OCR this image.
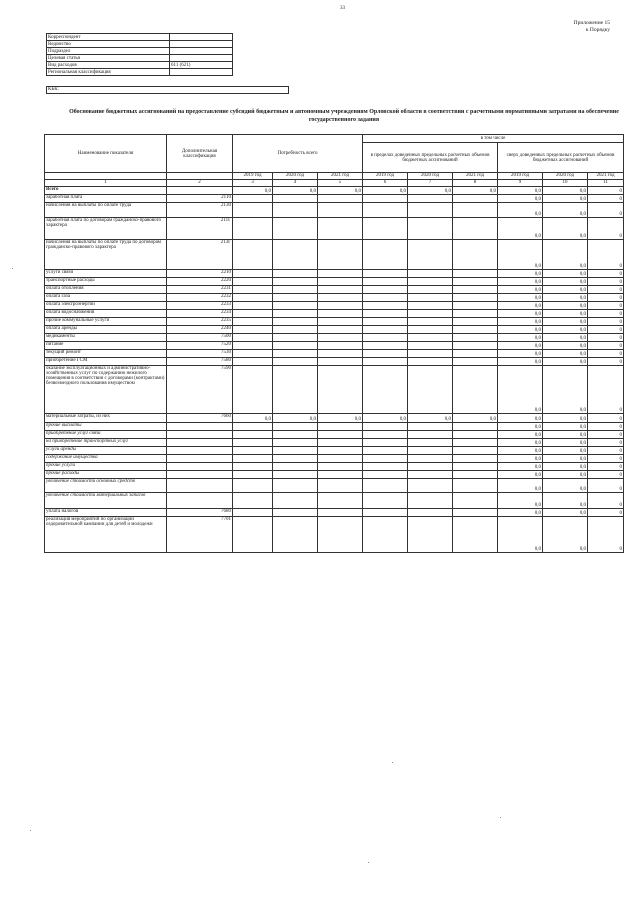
33
Приложение 15
к Порядку
Корреспондент	
Ведомство	
Подраздел	
Целевая статья	
Вид расходов	611 (621)
Региональная классификация	
КБК:
Обоснование бюджетных ассигнований на предоставление субсидий бюджетным и автономным учреждениям Орловской области в соответствии с расчетными нормативными затратами на обеспечение государственного задания
Наименование показателя	Дополнительная классификация	Потребность всего			в том числе					
					в пределах доведенных предельных расчетных объемов бюджетных ассигнований			сверх доведенных предельных расчетных объемов бюджетных ассигнований		

		2019 год	2020 год	2021 год	2019 год	2020 год	2021 год	2019 год	2020 год	2021 год
1	2	3	4	5	6	7	8	9	10	11
Всего		0,0	0,0	0,0	0,0	0,0	0,0	0,0	0,0	0
заработная плата	2110							0,0	0,0	0
начисления на выплаты по оплате труда	2130							0,0	0,0	0
заработная плата по договорам гражданско-правового характера	211Г							0,0	0,0	0
начисления на выплаты по оплате труда по договорам гражданско-правового характера	213Г							0,0	0,0	0
услуги связи	2210							0,0	0,0	0
транспортные расходы	2220							0,0	0,0	0
оплата отопления	2231							0,0	0,0	0
оплата газа	2232							0,0	0,0	0
оплата электроэнергии	2233							0,0	0,0	0
оплата водоснабжения	2234							0,0	0,0	0
прочие коммунальные услуги	2235							0,0	0,0	0
оплата аренды	2240							0,0	0,0	0
медикаменты	7500							0,0	0,0	0
питание	7520							0,0	0,0	0
текущий ремонт	7530							0,0	0,0	0
приобретение ГСМ	7580							0,0	0,0	0
оказание эксплуатационных и административно-хозяйственных услуг по содержанию нежилого помещения в соответствии с договорами (контрактами) безвозмездного пользования имуществом	7590							0,0	0,0	0
материальные затраты, из них	7660	0,0	0,0	0,0	0,0	0,0	0,0	0,0	0,0	0
прочие выплаты								0,0	0,0	0
приобретение услуг связи								0,0	0,0	0
на приобретение транспортных услуг								0,0	0,0	0
услуги аренды								0,0	0,0	0
содержание имущества								0,0	0,0	0
прочие услуги								0,0	0,0	0
прочие расходы								0,0	0,0	0
увеличение стоимости основных средств								0,0	0,0	0
увеличение стоимости материальных запасов								0,0	0,0	0
уплата налогов	7680							0,0	0,0	0
реализация мероприятий по организации оздоровительной кампании для детей и молодежи	7701							0,0	0,0	0
